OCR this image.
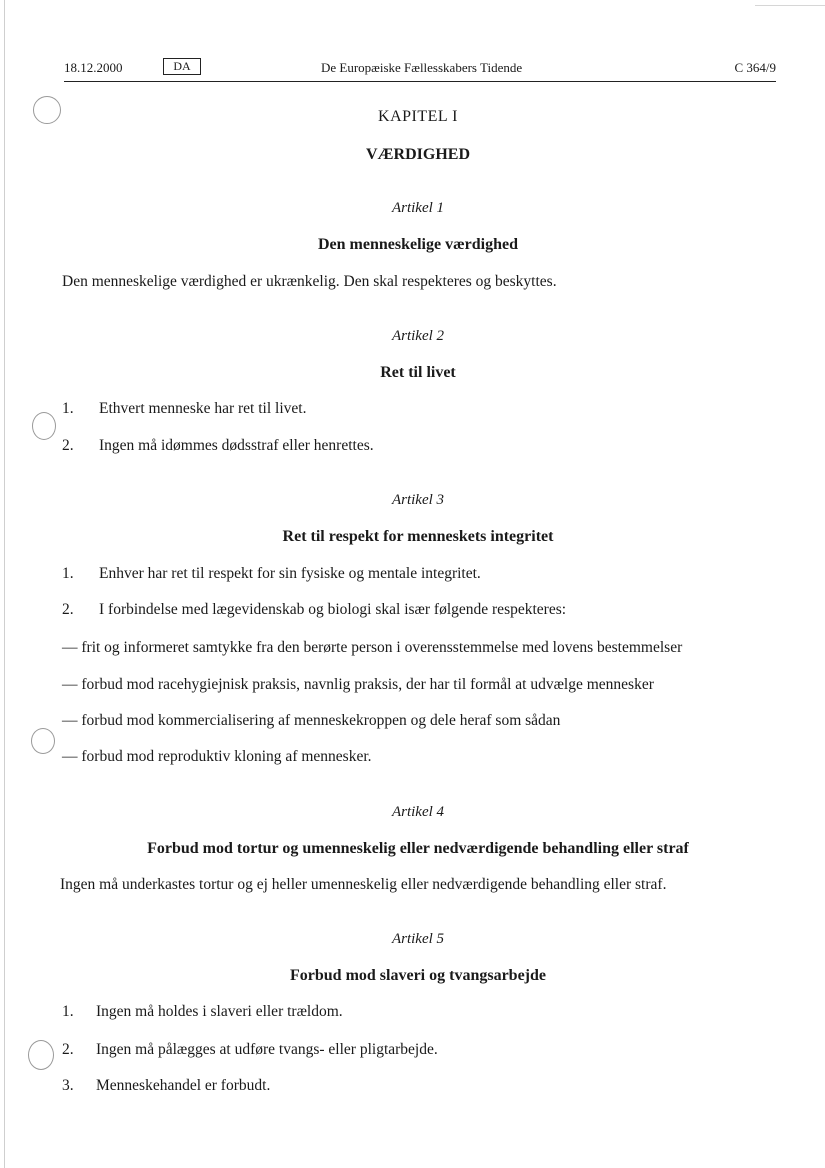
18.12.2000	DA	De Europæiske Fællesskabers Tidende	C 364/9
KAPITEL I
VÆRDIGHED
Artikel 1
Den menneskelige værdighed
Den menneskelige værdighed er ukrænkelig. Den skal respekteres og beskyttes.
Artikel 2
Ret til livet
1. Ethvert menneske har ret til livet.
2. Ingen må idømmes dødsstraf eller henrettes.
Artikel 3
Ret til respekt for menneskets integritet
1. Enhver har ret til respekt for sin fysiske og mentale integritet.
2. I forbindelse med lægevidenskab og biologi skal især følgende respekteres:
— frit og informeret samtykke fra den berørte person i overensstemmelse med lovens bestemmelser
— forbud mod racehygiejnisk praksis, navnlig praksis, der har til formål at udvælge mennesker
— forbud mod kommercialisering af menneskekroppen og dele heraf som sådan
— forbud mod reproduktiv kloning af mennesker.
Artikel 4
Forbud mod tortur og umenneskelig eller nedværdigende behandling eller straf
Ingen må underkastes tortur og ej heller umenneskelig eller nedværdigende behandling eller straf.
Artikel 5
Forbud mod slaveri og tvangsarbejde
1. Ingen må holdes i slaveri eller trældom.
2. Ingen må pålægges at udføre tvangs- eller pligtarbejde.
3. Menneskehandel er forbudt.
